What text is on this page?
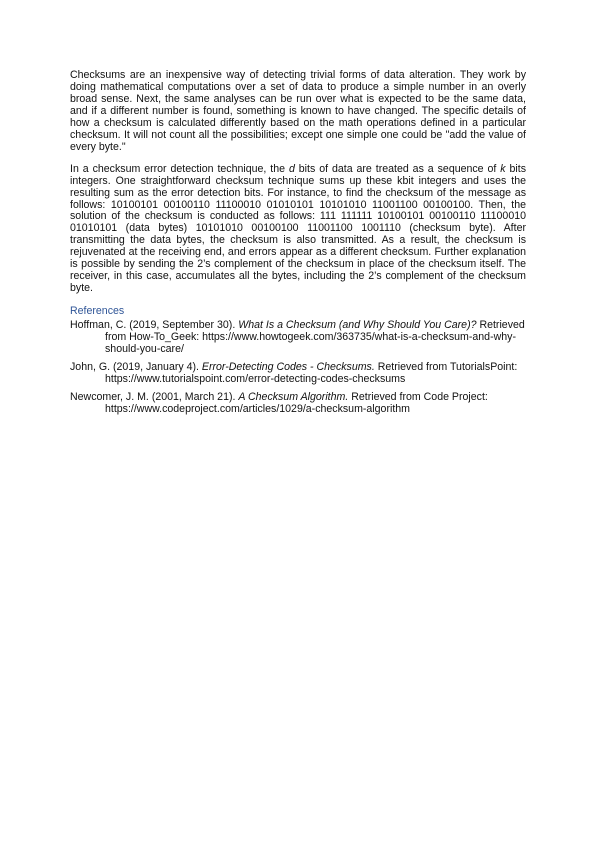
Checksums are an inexpensive way of detecting trivial forms of data alteration. They work by doing mathematical computations over a set of data to produce a simple number in an overly broad sense. Next, the same analyses can be run over what is expected to be the same data, and if a different number is found, something is known to have changed. The specific details of how a checksum is calculated differently based on the math operations defined in a particular checksum. It will not count all the possibilities; except one simple one could be "add the value of every byte."

In a checksum error detection technique, the d bits of data are treated as a sequence of k bits integers. One straightforward checksum technique sums up these kbit integers and uses the resulting sum as the error detection bits. For instance, to find the checksum of the message as follows: 10100101 00100110 11100010 01010101 10101010 11001100 00100100. Then, the solution of the checksum is conducted as follows: 111 111111 10100101 00100110 11100010 01010101 (data bytes) 10101010 00100100 11001100 1001110 (checksum byte). After transmitting the data bytes, the checksum is also transmitted. As a result, the checksum is rejuvenated at the receiving end, and errors appear as a different checksum. Further explanation is possible by sending the 2’s complement of the checksum in place of the checksum itself. The receiver, in this case, accumulates all the bytes, including the 2’s complement of the checksum byte.

References

Hoffman, C. (2019, September 30). What Is a Checksum (and Why Should You Care)? Retrieved from How-To_Geek: https://www.howtogeek.com/363735/what-is-a-checksum-and-why-should-you-care/

John, G. (2019, January 4). Error-Detecting Codes - Checksums. Retrieved from TutorialsPoint: https://www.tutorialspoint.com/error-detecting-codes-checksums

Newcomer, J. M. (2001, March 21). A Checksum Algorithm. Retrieved from Code Project: https://www.codeproject.com/articles/1029/a-checksum-algorithm
